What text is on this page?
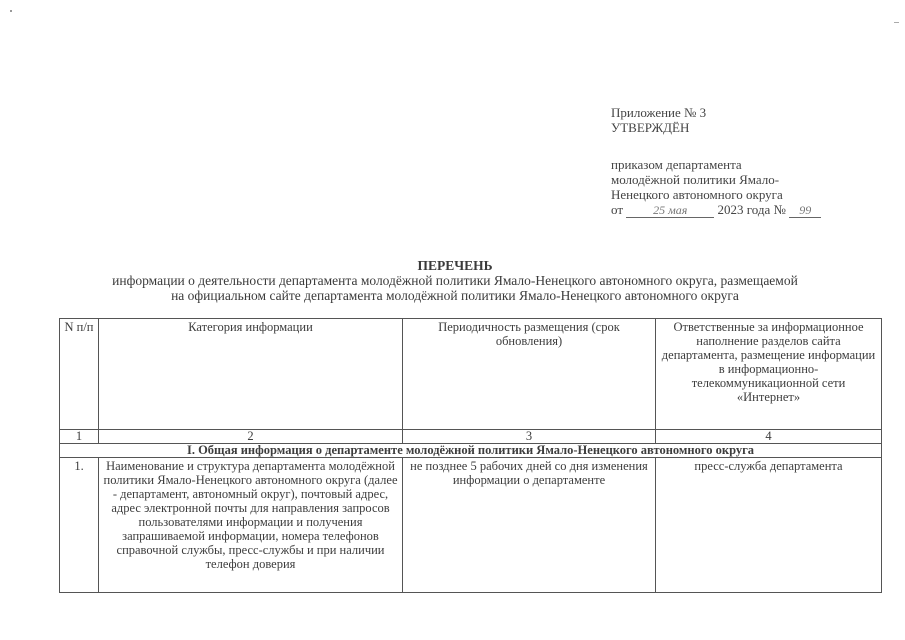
Приложение № 3
УТВЕРЖДЁН
приказом департамента
молодёжной политики Ямало-
Ненецкого автономного округа
от	25 мая 2023 года № 99
ПЕРЕЧЕНЬ
информации о деятельности департамента молодёжной политики Ямало-Ненецкого автономного округа, размещаемой
на официальном сайте департамента молодёжной политики Ямало-Ненецкого автономного округа
N п/п	Категория информации	Периодичность размещения (срок обновления)	Ответственные за информационное наполнение разделов сайта департамента, размещение информации в информационно-телекоммуникационной сети «Интернет»
1	2	3	4
I. Общая информация о департаменте молодёжной политики Ямало-Ненецкого автономного округа			
1.	Наименование и структура департамента молодёжной политики Ямало-Ненецкого автономного округа (далее - департамент, автономный округ), почтовый адрес, адрес электронной почты для направления запросов пользователями информации и получения запрашиваемой информации, номера телефонов справочной службы, пресс-службы и при наличии телефон доверия	не позднее 5 рабочих дней со дня изменения информации о департаменте	пресс-служба департамента
